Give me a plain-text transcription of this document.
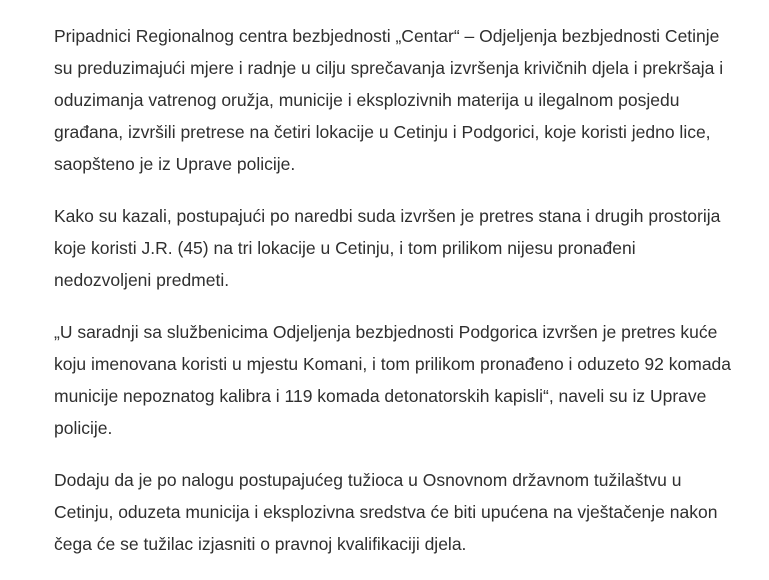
Pripadnici Regionalnog centra bezbjednosti „Centar“ – Odjeljenja bezbjednosti Cetinje su preduzimajući mjere i radnje u cilju sprečavanja izvršenja krivičnih djela i prekršaja i oduzimanja vatrenog oružja, municije i eksplozivnih materija u ilegalnom posjedu građana, izvršili pretrese na četiri lokacije u Cetinju i Podgorici, koje koristi jedno lice, saopšteno je iz Uprave policije.

Kako su kazali, postupajući po naredbi suda izvršen je pretres stana i drugih prostorija koje koristi J.R. (45) na tri lokacije u Cetinju, i tom prilikom nijesu pronađeni nedozvoljeni predmeti.

„U saradnji sa službenicima Odjeljenja bezbjednosti Podgorica izvršen je pretres kuće koju imenovana koristi u mjestu Komani, i tom prilikom pronađeno i oduzeto 92 komada municije nepoznatog kalibra i 119 komada detonatorskih kapisli“, naveli su iz Uprave policije.

Dodaju da je po nalogu postupajućeg tužioca u Osnovnom državnom tužilaštvu u Cetinju, oduzeta municija i eksplozivna sredstva će biti upućena na vještačenje nakon čega će se tužilac izjasniti o pravnoj kvalifikaciji djela.
